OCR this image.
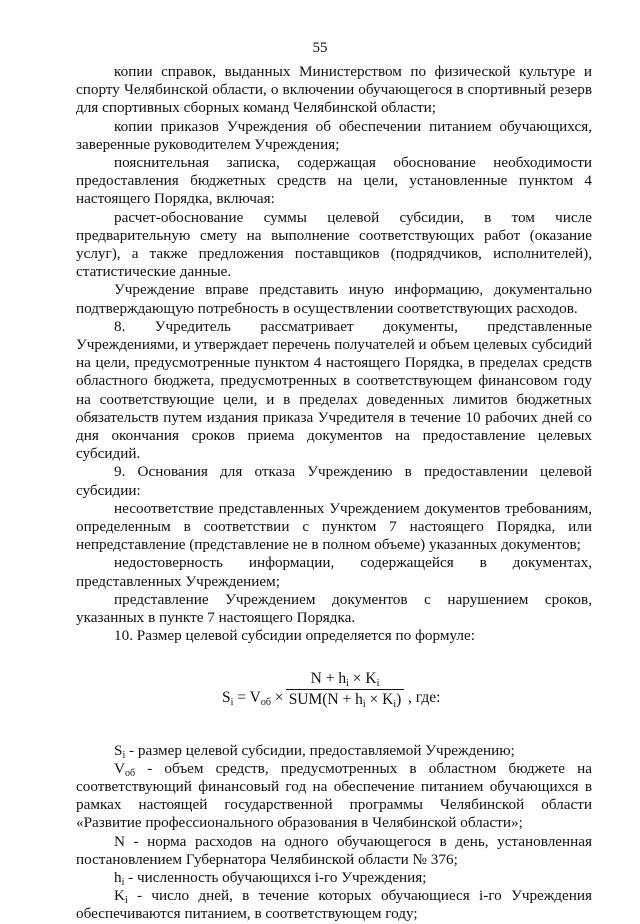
55

копии справок, выданных Министерством по физической культуре и спорту Челябинской области, о включении обучающегося в спортивный резерв для спортивных сборных команд Челябинской области;

копии приказов Учреждения об обеспечении питанием обучающихся, заверенные руководителем Учреждения;

пояснительная записка, содержащая обоснование необходимости предоставления бюджетных средств на цели, установленные пунктом 4 настоящего Порядка, включая:

расчет-обоснование суммы целевой субсидии, в том числе предварительную смету на выполнение соответствующих работ (оказание услуг), а также предложения поставщиков (подрядчиков, исполнителей), статистические данные.

Учреждение вправе представить иную информацию, документально подтверждающую потребность в осуществлении соответствующих расходов.

8. Учредитель рассматривает документы, представленные Учреждениями, и утверждает перечень получателей и объем целевых субсидий на цели, предусмотренные пунктом 4 настоящего Порядка, в пределах средств областного бюджета, предусмотренных в соответствующем финансовом году на соответствующие цели, и в пределах доведенных лимитов бюджетных обязательств путем издания приказа Учредителя в течение 10 рабочих дней со дня окончания сроков приема документов на предоставление целевых субсидий.

9. Основания для отказа Учреждению в предоставлении целевой субсидии:

несоответствие представленных Учреждением документов требованиям, определенным в соответствии с пунктом 7 настоящего Порядка, или непредставление (представление не в полном объеме) указанных документов;

недостоверность информации, содержащейся в документах, представленных Учреждением;

представление Учреждением документов с нарушением сроков, указанных в пункте 7 настоящего Порядка.

10. Размер целевой субсидии определяется по формуле:

$S_i = V_{об}$ ×
$N + h_i \times K_i$
$SUM(N + h_i \times K_i)$ , где:

$S_i$ - размер целевой субсидии, предоставляемой Учреждению;

$V_{об}$ - объем средств, предусмотренных в областном бюджете на соответствующий финансовый год на обеспечение питанием обучающихся в рамках настоящей государственной программы Челябинской области «Развитие профессионального образования в Челябинской области»;

N - норма расходов на одного обучающегося в день, установленная постановлением Губернатора Челябинской области № 376;

$h_i$ - численность обучающихся i-го Учреждения;

$K_i$ - число дней, в течение которых обучающиеся i-го Учреждения обеспечиваются питанием, в соответствующем году;
